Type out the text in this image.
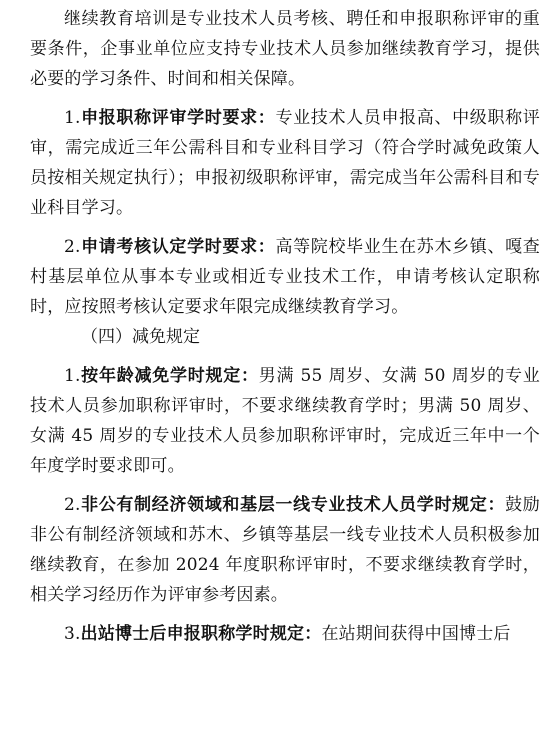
继续教育培训是专业技术人员考核、聘任和申报职称评审的重要条件，企事业单位应支持专业技术人员参加继续教育学习，提供必要的学习条件、时间和相关保障。

1.申报职称评审学时要求：专业技术人员申报高、中级职称评审，需完成近三年公需科目和专业科目学习（符合学时减免政策人员按相关规定执行）；申报初级职称评审，需完成当年公需科目和专业科目学习。

2.申请考核认定学时要求：高等院校毕业生在苏木乡镇、嘎查村基层单位从事本专业或相近专业技术工作，申请考核认定职称时，应按照考核认定要求年限完成继续教育学习。

（四）减免规定

1.按年龄减免学时规定：男满 55 周岁、女满 50 周岁的专业技术人员参加职称评审时，不要求继续教育学时；男满 50 周岁、女满 45 周岁的专业技术人员参加职称评审时，完成近三年中一个年度学时要求即可。

2.非公有制经济领域和基层一线专业技术人员学时规定：鼓励非公有制经济领域和苏木、乡镇等基层一线专业技术人员积极参加继续教育，在参加 2024 年度职称评审时，不要求继续教育学时，相关学习经历作为评审参考因素。

3.出站博士后申报职称学时规定：在站期间获得中国博士后
